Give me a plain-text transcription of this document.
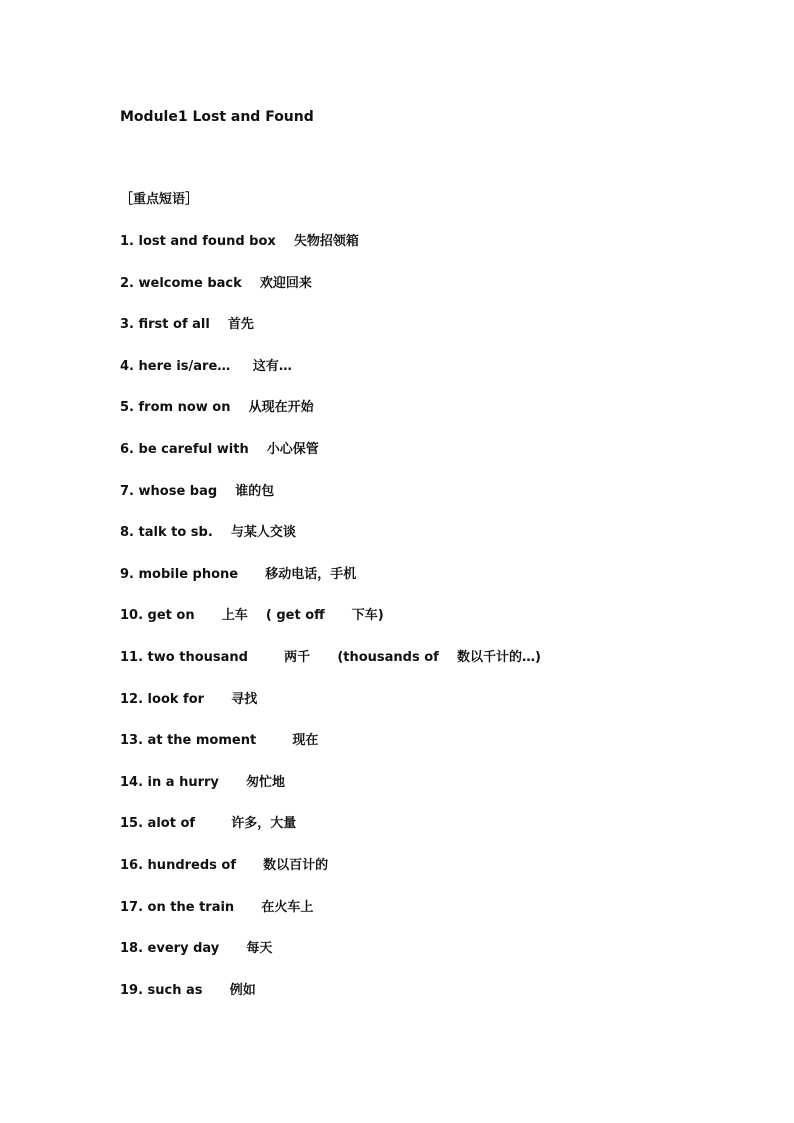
Module1 Lost and Found
［重点短语］
1. lost and found box    失物招领箱
2. welcome back    欢迎回来
3. first of all    首先
4. here is/are…     这有…
5. from now on    从现在开始
6. be careful with    小心保管
7. whose bag    谁的包
8. talk to sb.    与某人交谈
9. mobile phone      移动电话，手机
10. get on      上车    ( get off      下车)
11. two thousand        两千      (thousands of    数以千计的…)
12. look for      寻找
13. at the moment        现在
14. in a hurry      匆忙地
15. alot of        许多，大量
16. hundreds of      数以百计的
17. on the train      在火车上
18. every day      每天
19. such as      例如
